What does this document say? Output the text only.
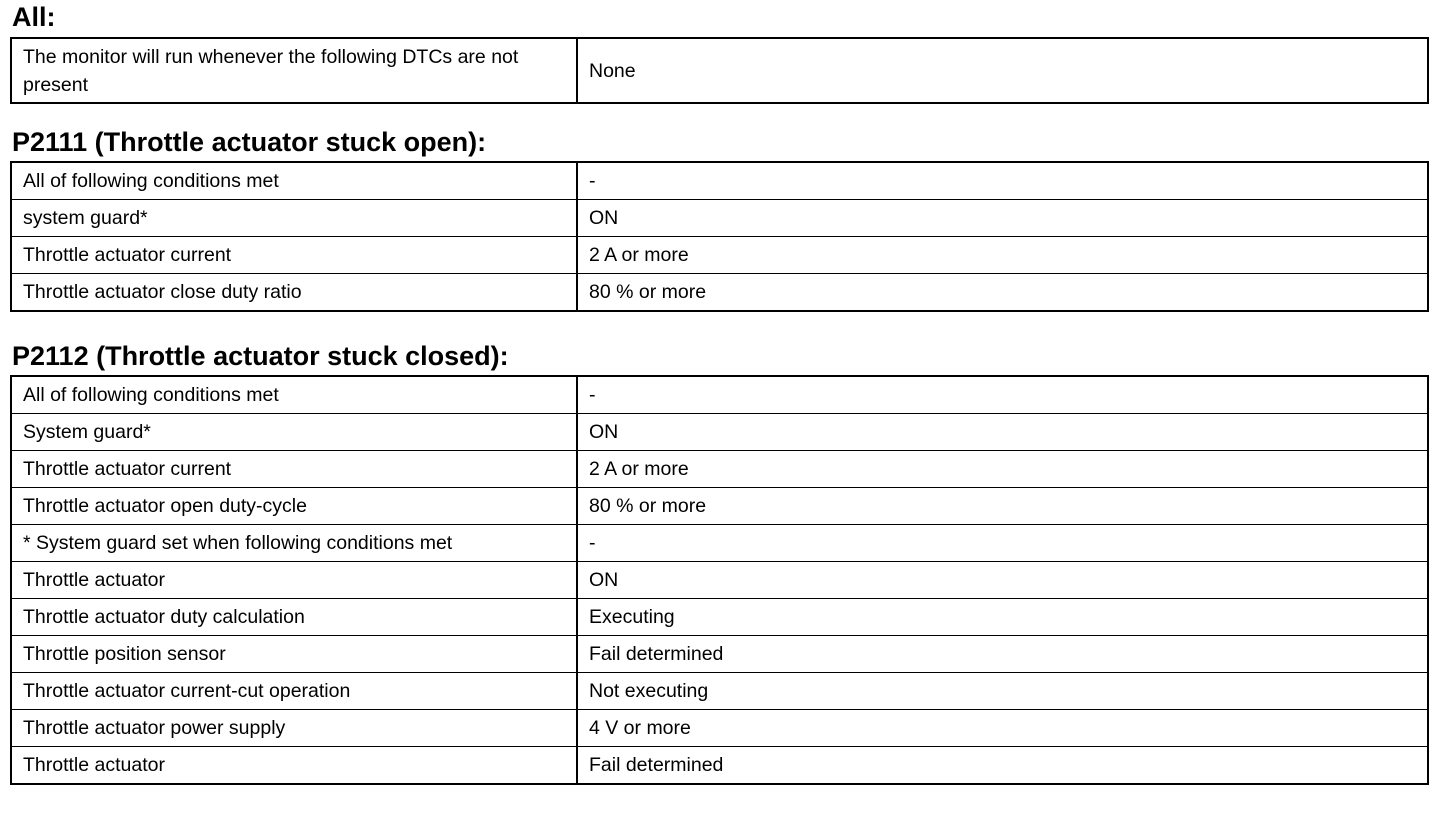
All:
The monitor will run whenever the following DTCs are not present	None
P2111 (Throttle actuator stuck open):
All of following conditions met	-
system guard*	ON
Throttle actuator current	2 A or more
Throttle actuator close duty ratio	80 % or more
P2112 (Throttle actuator stuck closed):
All of following conditions met	-
System guard*	ON
Throttle actuator current	2 A or more
Throttle actuator open duty-cycle	80 % or more
* System guard set when following conditions met	-
Throttle actuator	ON
Throttle actuator duty calculation	Executing
Throttle position sensor	Fail determined
Throttle actuator current-cut operation	Not executing
Throttle actuator power supply	4 V or more
Throttle actuator	Fail determined
